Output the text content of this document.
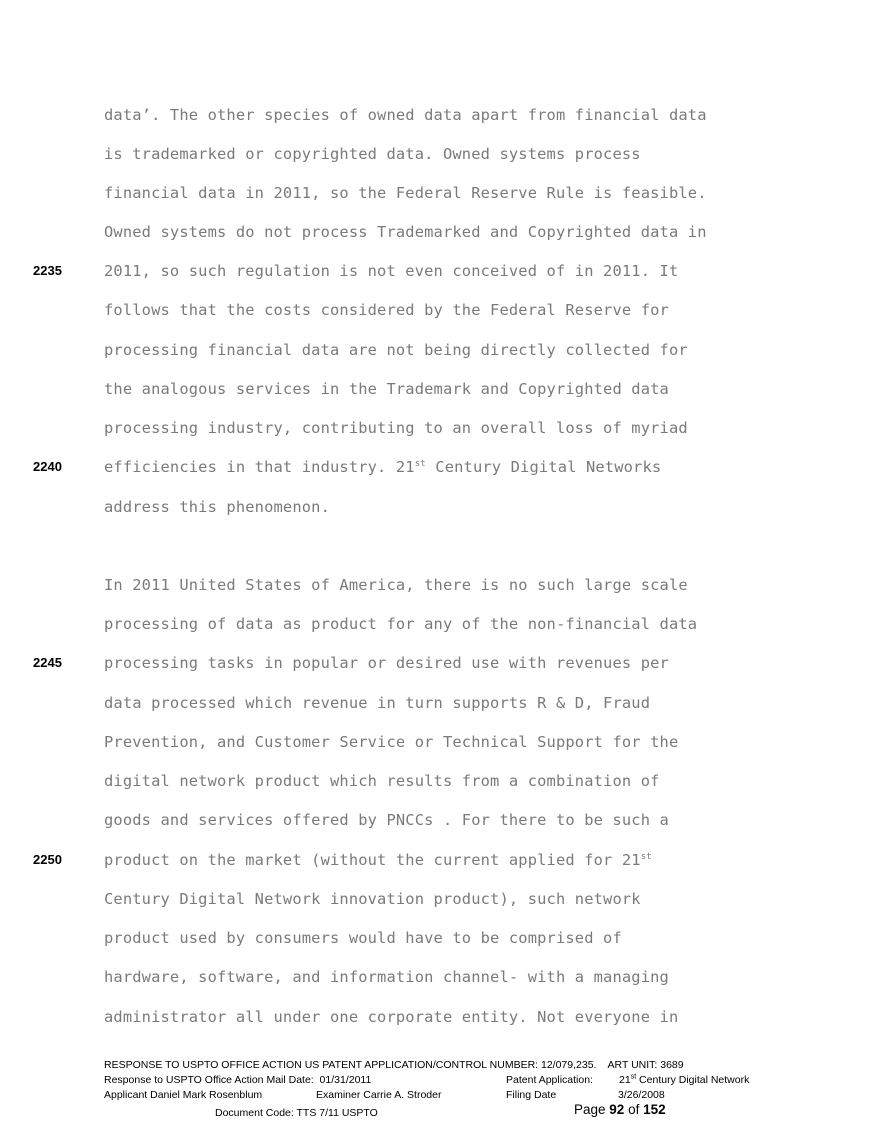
data’. The other species of owned data apart from financial data
is trademarked or copyrighted data. Owned systems process
financial data in 2011, so the Federal Reserve Rule is feasible.
Owned systems do not process Trademarked and Copyrighted data in
2011, so such regulation is not even conceived of in 2011. It
follows that the costs considered by the Federal Reserve for
processing financial data are not being directly collected for
the analogous services in the Trademark and Copyrighted data
processing industry, contributing to an overall loss of myriad
efficiencies in that industry. 21st Century Digital Networks
address this phenomenon.
In 2011 United States of America, there is no such large scale
processing of data as product for any of the non-financial data
processing tasks in popular or desired use with revenues per
data processed which revenue in turn supports R & D, Fraud
Prevention, and Customer Service or Technical Support for the
digital network product which results from a combination of
goods and services offered by PNCCs . For there to be such a
product on the market (without the current applied for 21st
Century Digital Network innovation product), such network
product used by consumers would have to be comprised of
hardware, software, and information channel- with a managing
administrator all under one corporate entity. Not everyone in
2235
2240
2245
2250
RESPONSE TO USPTO OFFICE ACTION US PATENT APPLICATION/CONTROL NUMBER: 12/079,235.    ART UNIT: 3689
Response to USPTO Office Action Mail Date:  01/31/2011	Patent Application: 21st Century Digital Network
Applicant Daniel Mark Rosenblum	Examiner Carrie A. Stroder	Filing Date	3/26/2008
Document Code: TTS 7/11 USPTO	Page 92 of 152
